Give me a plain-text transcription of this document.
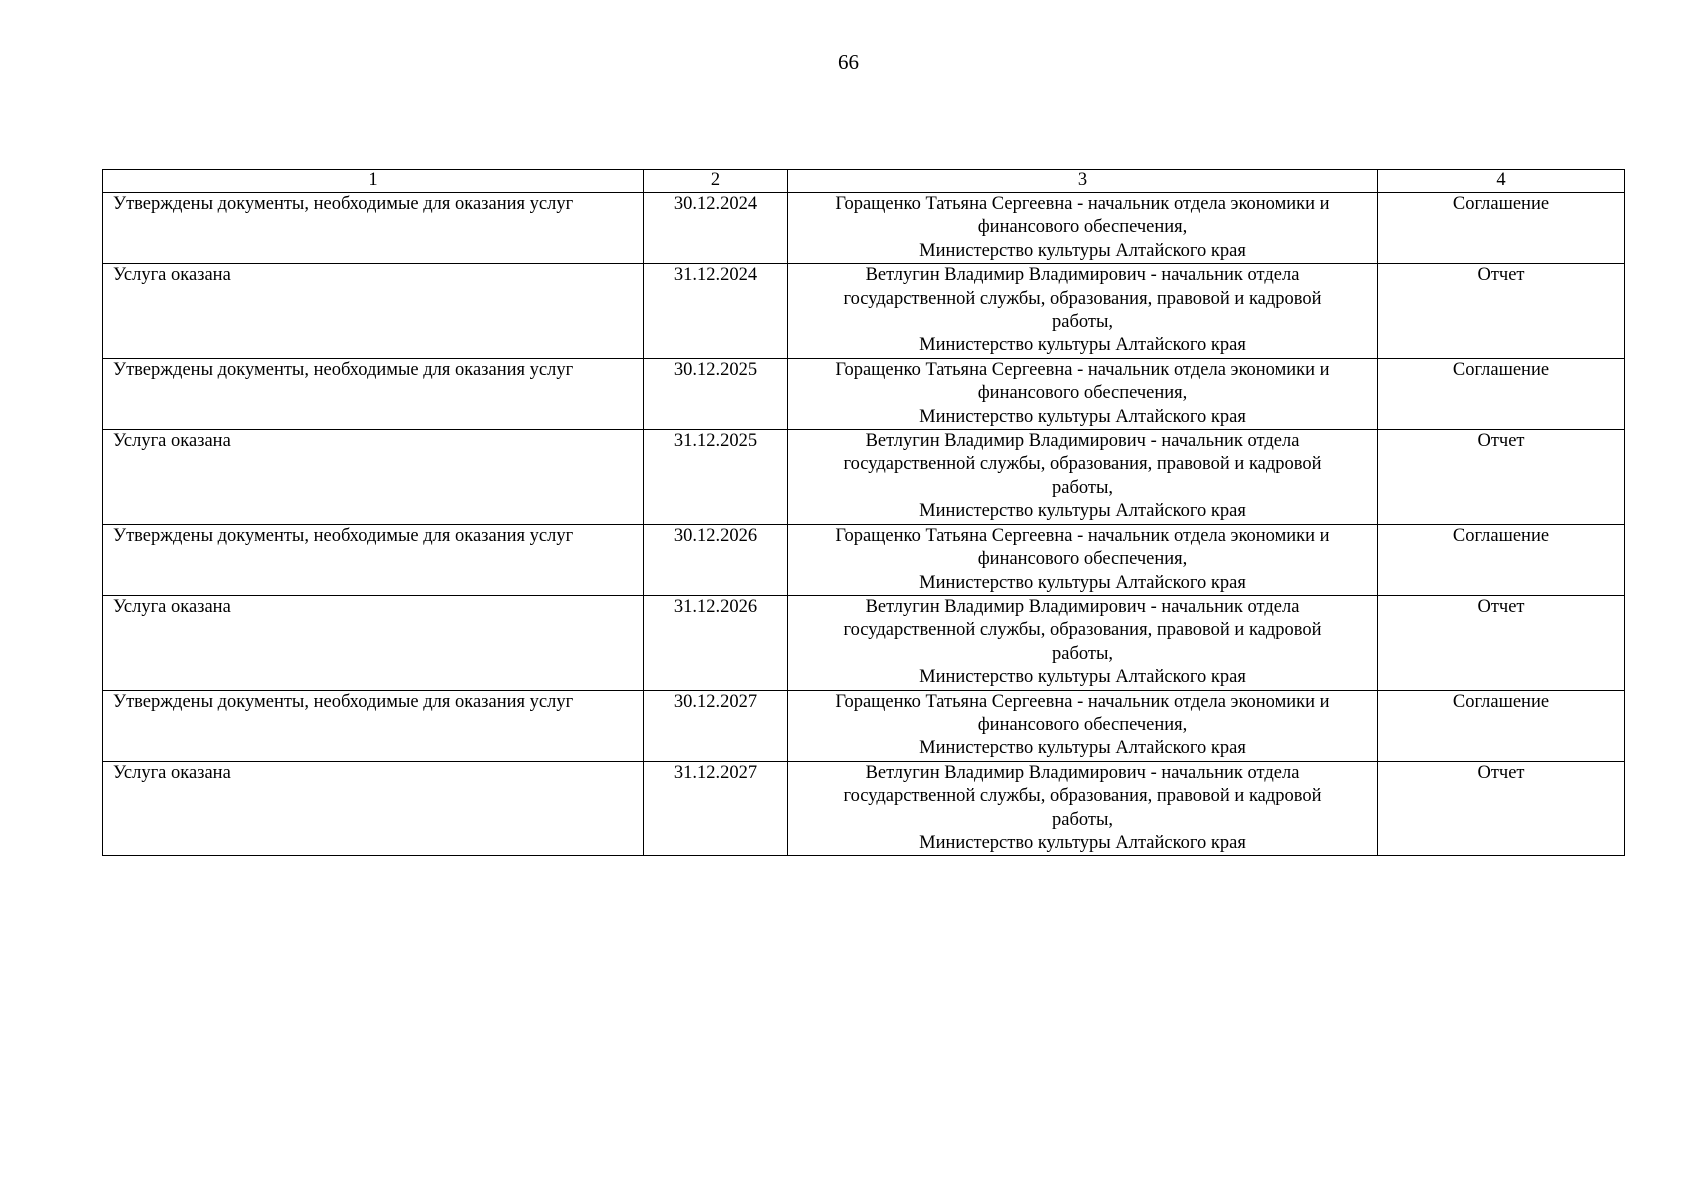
66
1	2	3	4
Утверждены документы, необходимые для оказания услуг	30.12.2024	Горащенко Татьяна Сергеевна - начальник отдела экономики и
финансового обеспечения,
Министерство культуры Алтайского края	Соглашение
Услуга оказана	31.12.2024	Ветлугин Владимир Владимирович - начальник отдела
государственной службы, образования, правовой и кадровой
работы,
Министерство культуры Алтайского края	Отчет
Утверждены документы, необходимые для оказания услуг	30.12.2025	Горащенко Татьяна Сергеевна - начальник отдела экономики и
финансового обеспечения,
Министерство культуры Алтайского края	Соглашение
Услуга оказана	31.12.2025	Ветлугин Владимир Владимирович - начальник отдела
государственной службы, образования, правовой и кадровой
работы,
Министерство культуры Алтайского края	Отчет
Утверждены документы, необходимые для оказания услуг	30.12.2026	Горащенко Татьяна Сергеевна - начальник отдела экономики и
финансового обеспечения,
Министерство культуры Алтайского края	Соглашение
Услуга оказана	31.12.2026	Ветлугин Владимир Владимирович - начальник отдела
государственной службы, образования, правовой и кадровой
работы,
Министерство культуры Алтайского края	Отчет
Утверждены документы, необходимые для оказания услуг	30.12.2027	Горащенко Татьяна Сергеевна - начальник отдела экономики и
финансового обеспечения,
Министерство культуры Алтайского края	Соглашение
Услуга оказана	31.12.2027	Ветлугин Владимир Владимирович - начальник отдела
государственной службы, образования, правовой и кадровой
работы,
Министерство культуры Алтайского края	Отчет
